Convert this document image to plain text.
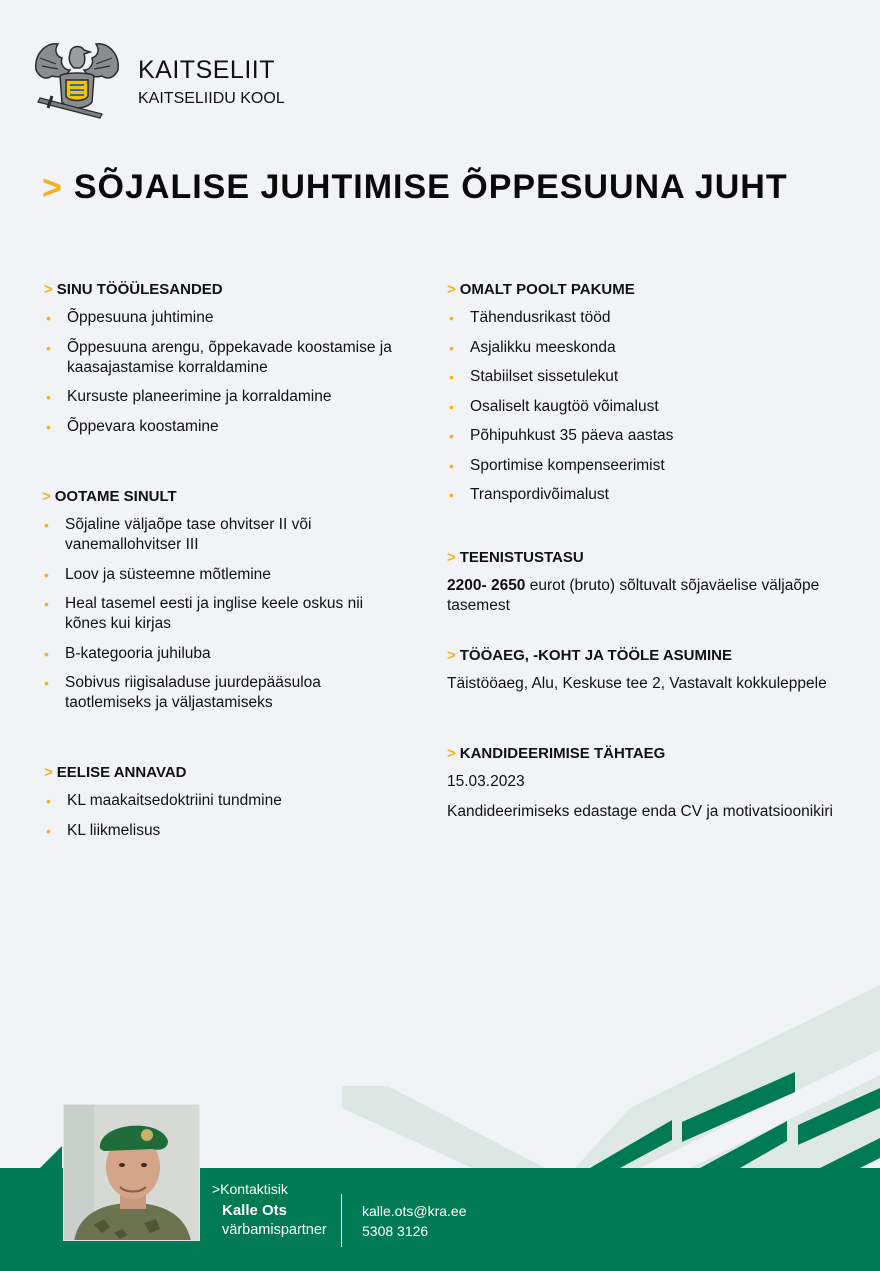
KAITSELIIT
KAITSELIIDU KOOL
> SÕJALISE JUHTIMISE ÕPPESUUNA JUHT
> SINU TÖÖÜLESANDED
• Õppesuuna juhtimine
• Õppesuuna arengu, õppekavade koostamise ja kaasajastamise korraldamine
• Kursuste planeerimine ja korraldamine
• Õppevara koostamine
> OOTAME SINULT
• Sõjaline väljaõpe tase ohvitser II või vanemallohvitser III
• Loov ja süsteemne mõtlemine
• Heal tasemel eesti ja inglise keele oskus nii kõnes kui kirjas
• B-kategooria juhiluba
• Sobivus riigisaladuse juurdepääsuloa taotlemiseks ja väljastamiseks
> EELISE ANNAVAD
• KL maakaitsedoktriini tundmine
• KL liikmelisus
> OMALT POOLT PAKUME
• Tähendusrikast tööd
• Asjalikku meeskonda
• Stabiilset sissetulekut
• Osaliselt kaugtöö võimalust
• Põhipuhkust 35 päeva aastas
• Sportimise kompenseerimist
• Transpordivõimalust
> TEENISTUSTASU

2200- 2650 eurot (bruto) sõltuvalt sõjaväelise väljaõpe tasemest

> TÖÖAEG, -KOHT JA TÖÖLE ASUMINE

Täistööaeg, Alu, Keskuse tee 2, Vastavalt kokkuleppele

> KANDIDEERIMISE TÄHTAEG

15.03.2023

Kandideerimiseks edastage enda CV ja motivatsioonikiri

>Kontaktisik
Kalle Ots
värbamispartner
kalle.ots@kra.ee
5308 3126
